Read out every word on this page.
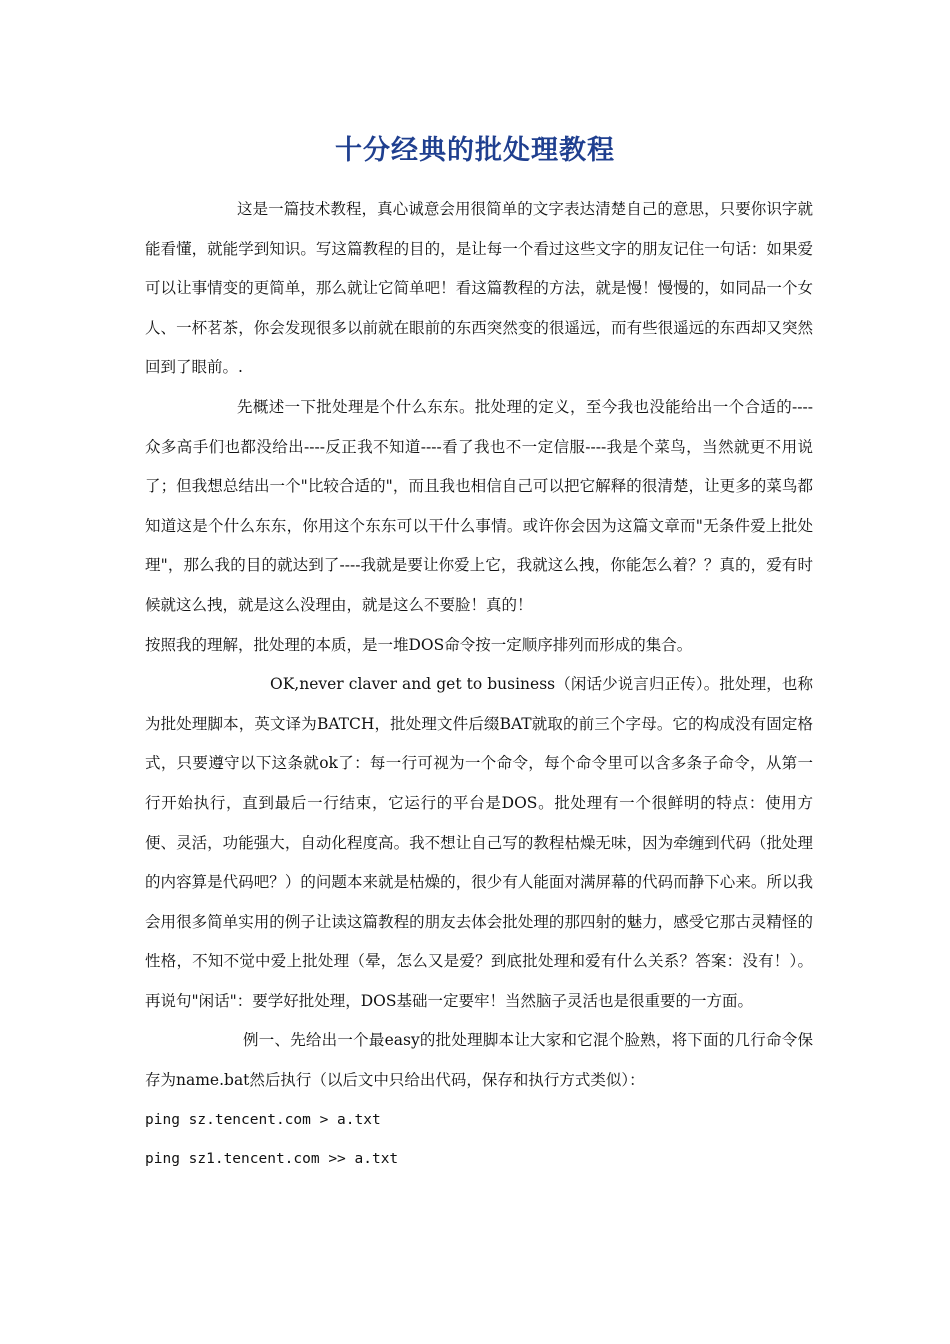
十分经典的批处理教程

这是一篇技术教程，真心诚意会用很简单的文字表达清楚自己的意思，只要你识字就能看懂，就能学到知识。写这篇教程的目的，是让每一个看过这些文字的朋友记住一句话：如果爱可以让事情变的更简单，那么就让它简单吧！看这篇教程的方法，就是慢！慢慢的，如同品一个女人、一杯茗茶，你会发现很多以前就在眼前的东西突然变的很遥远，而有些很遥远的东西却又突然回到了眼前。.

先概述一下批处理是个什么东东。批处理的定义，至今我也没能给出一个合适的----众多高手们也都没给出----反正我不知道----看了我也不一定信服----我是个菜鸟，当然就更不用说了；但我想总结出一个"比较合适的"，而且我也相信自己可以把它解释的很清楚，让更多的菜鸟都知道这是个什么东东，你用这个东东可以干什么事情。或许你会因为这篇文章而"无条件爱上批处理"，那么我的目的就达到了----我就是要让你爱上它，我就这么拽，你能怎么着？？真的，爱有时候就这么拽，就是这么没理由，就是这么不要脸！真的！

按照我的理解，批处理的本质，是一堆DOS命令按一定顺序排列而形成的集合。

OK,never claver and get to business（闲话少说言归正传）。批处理，也称为批处理脚本，英文译为BATCH，批处理文件后缀BAT就取的前三个字母。它的构成没有固定格式，只要遵守以下这条就ok了：每一行可视为一个命令，每个命令里可以含多条子命令，从第一行开始执行，直到最后一行结束，它运行的平台是DOS。批处理有一个很鲜明的特点：使用方便、灵活，功能强大，自动化程度高。我不想让自己写的教程枯燥无味，因为牵缠到代码（批处理的内容算是代码吧？）的问题本来就是枯燥的，很少有人能面对满屏幕的代码而静下心来。所以我会用很多简单实用的例子让读这篇教程的朋友去体会批处理的那四射的魅力，感受它那古灵精怪的性格，不知不觉中爱上批处理（晕，怎么又是爱？到底批处理和爱有什么关系？答案：没有！）。再说句"闲话"：要学好批处理，DOS基础一定要牢！当然脑子灵活也是很重要的一方面。

例一、先给出一个最easy的批处理脚本让大家和它混个脸熟，将下面的几行命令保存为name.bat然后执行（以后文中只给出代码，保存和执行方式类似）：

ping sz.tencent.com > a.txt

ping sz1.tencent.com >> a.txt
